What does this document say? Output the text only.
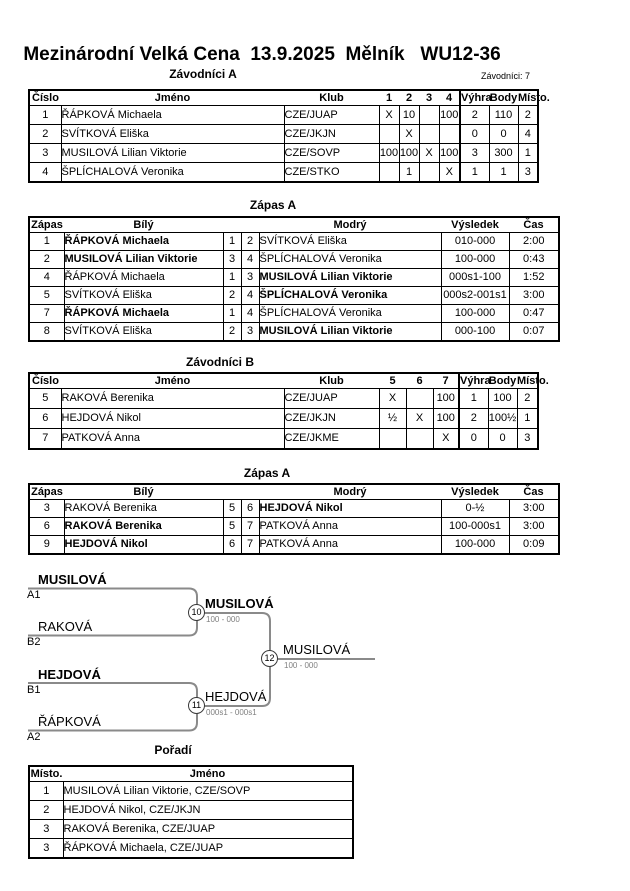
Mezinárodní Velká Cena  13.9.2025  Mělník   WU12-36
Závodníci A	Závodníci: 7
Číslo	Jméno	Klub	1	2	3	4	Výhra	Body	Místo.
1	ŘÁPKOVÁ Michaela	CZE/JUAP	X	10		100	2	110	2
2	SVÍTKOVÁ Eliška	CZE/JKJN		X			0	0	4
3	MUSILOVÁ Lilian Viktorie	CZE/SOVP	100	100	X	100	3	300	1
4	ŠPLÍCHALOVÁ Veronika	CZE/STKO		1		X	1	1	3
Zápas A
Zápas	Bílý			Modrý	Výsledek	Čas
1	ŘÁPKOVÁ Michaela	1	2	SVÍTKOVÁ Eliška	010-000	2:00
2	MUSILOVÁ Lilian Viktorie	3	4	ŠPLÍCHALOVÁ Veronika	100-000	0:43
4	ŘÁPKOVÁ Michaela	1	3	MUSILOVÁ Lilian Viktorie	000s1-100	1:52
5	SVÍTKOVÁ Eliška	2	4	ŠPLÍCHALOVÁ Veronika	000s2-001s1	3:00
7	ŘÁPKOVÁ Michaela	1	4	ŠPLÍCHALOVÁ Veronika	100-000	0:47
8	SVÍTKOVÁ Eliška	2	3	MUSILOVÁ Lilian Viktorie	000-100	0:07
Závodníci B
Číslo	Jméno	Klub	5	6	7	Výhra	Body	Místo.
5	RAKOVÁ Berenika	CZE/JUAP	X		100	1	100	2
6	HEJDOVÁ Nikol	CZE/JKJN	½	X	100	2	100½	1
7	PATKOVÁ Anna	CZE/JKME			X	0	0	3
Zápas A
Zápas	Bílý			Modrý	Výsledek	Čas
3	RAKOVÁ Berenika	5	6	HEJDOVÁ Nikol	0-½	3:00
6	RAKOVÁ Berenika	5	7	PATKOVÁ Anna	100-000s1	3:00
9	HEJDOVÁ Nikol	6	7	PATKOVÁ Anna	100-000	0:09
MUSILOVÁ
A1
RAKOVÁ
B2
HEJDOVÁ
B1
ŘÁPKOVÁ
A2
MUSILOVÁ
100 - 000
10
HEJDOVÁ
000s1 - 000s1
11
MUSILOVÁ
100 - 000
12
Pořadí
Místo.	Jméno
1	MUSILOVÁ Lilian Viktorie, CZE/SOVP
2	HEJDOVÁ Nikol, CZE/JKJN
3	RAKOVÁ Berenika, CZE/JUAP
3	ŘÁPKOVÁ Michaela, CZE/JUAP
